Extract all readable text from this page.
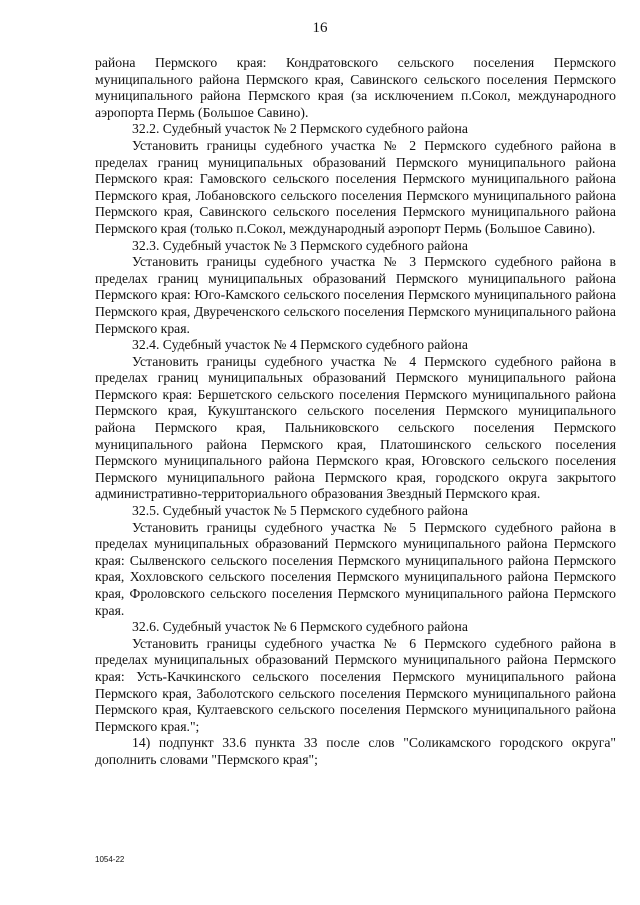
16

района Пермского края: Кондратовского сельского поселения Пермского муниципального района Пермского края, Савинского сельского поселения Пермского муниципального района Пермского края (за исключением п.Сокол, международного аэропорта Пермь (Большое Савино).

32.2. Судебный участок № 2 Пермского судебного района

Установить границы судебного участка № 2 Пермского судебного района в пределах границ муниципальных образований Пермского муниципального района Пермского края: Гамовского сельского поселения Пермского муниципального района Пермского края, Лобановского сельского поселения Пермского муниципального района Пермского края, Савинского сельского поселения Пермского муниципального района Пермского края (только п.Сокол, международный аэропорт Пермь (Большое Савино).

32.3. Судебный участок № 3 Пермского судебного района

Установить границы судебного участка № 3 Пермского судебного района в пределах границ муниципальных образований Пермского муниципального района Пермского края: Юго-Камского сельского поселения Пермского муниципального района Пермского края, Двуреченского сельского поселения Пермского муниципального района Пермского края.

32.4. Судебный участок № 4 Пермского судебного района

Установить границы судебного участка № 4 Пермского судебного района в пределах границ муниципальных образований Пермского муниципального района Пермского края: Бершетского сельского поселения Пермского муниципального района Пермского края, Кукуштанского сельского поселения Пермского муниципального района Пермского края, Пальниковского сельского поселения Пермского муниципального района Пермского края, Платошинского сельского поселения Пермского муниципального района Пермского края, Юговского сельского поселения Пермского муниципального района Пермского края, городского округа закрытого административно-территориального образования Звездный Пермского края.

32.5. Судебный участок № 5 Пермского судебного района

Установить границы судебного участка № 5 Пермского судебного района в пределах муниципальных образований Пермского муниципального района Пермского края: Сылвенского сельского поселения Пермского муниципального района Пермского края, Хохловского сельского поселения Пермского муниципального района Пермского края, Фроловского сельского поселения Пермского муниципального района Пермского края.

32.6. Судебный участок № 6 Пермского судебного района

Установить границы судебного участка № 6 Пермского судебного района в пределах муниципальных образований Пермского муниципального района Пермского края: Усть-Качкинского сельского поселения Пермского муниципального района Пермского края, Заболотского сельского поселения Пермского муниципального района Пермского края, Култаевского сельского поселения Пермского муниципального района Пермского края.";

14) подпункт 33.6 пункта 33 после слов "Соликамского городского округа" дополнить словами "Пермского края";

1054-22
